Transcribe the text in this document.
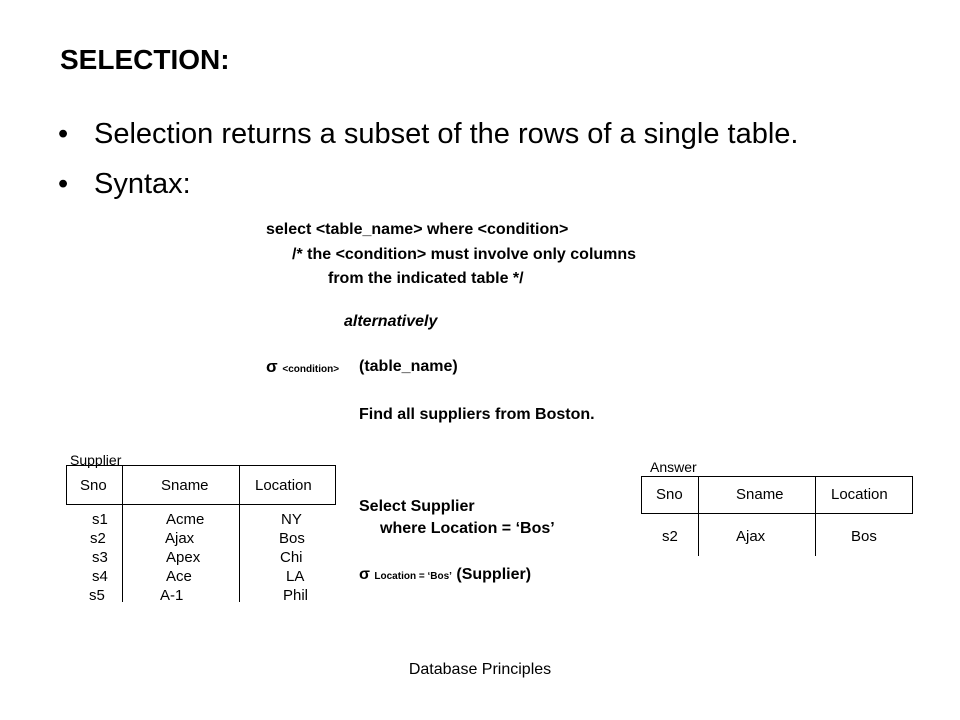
SELECTION:
• Selection returns a subset of the rows of a single table.
• Syntax:
select <table_name> where <condition>
/* the <condition> must involve only columns
from the indicated table */
alternatively
σ <condition> (table_name)
Find all suppliers from Boston.
Select Supplier
where Location = ‘Bos’
σ Location = ‘Bos’ (Supplier)
Supplier
Sno	Sname	Location
s1	Acme	NY
s2	Ajax	Bos
s3	Apex	Chi
s4	Ace	LA
s5	A-1	Phil
Answer
Sno	Sname	Location
s2	Ajax	Bos
Database Principles
